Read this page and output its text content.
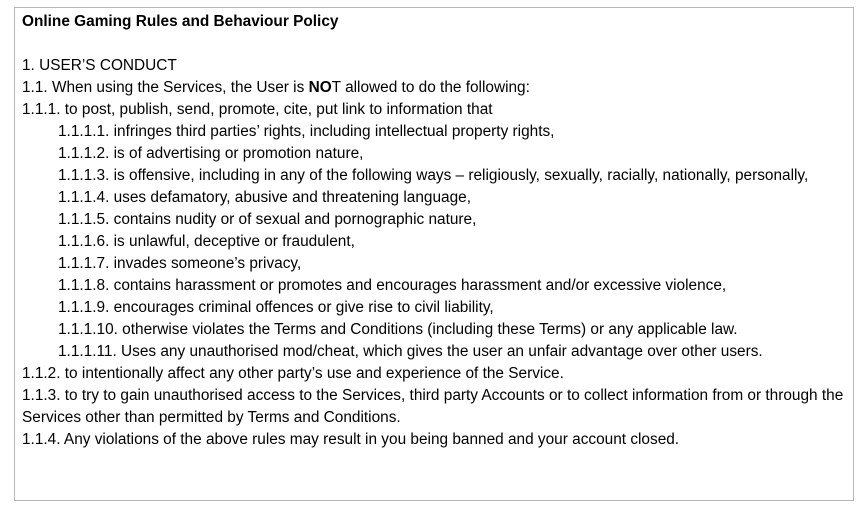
Online Gaming Rules and Behaviour Policy

1. USER’S CONDUCT

1.1. When using the Services, the User is NOT allowed to do the following:

1.1.1. to post, publish, send, promote, cite, put link to information that

1.1.1.1. infringes third parties’ rights, including intellectual property rights,

1.1.1.2. is of advertising or promotion nature,

1.1.1.3. is offensive, including in any of the following ways – religiously, sexually, racially, nationally, personally,

1.1.1.4. uses defamatory, abusive and threatening language,

1.1.1.5. contains nudity or of sexual and pornographic nature,

1.1.1.6. is unlawful, deceptive or fraudulent,

1.1.1.7. invades someone’s privacy,

1.1.1.8. contains harassment or promotes and encourages harassment and/or excessive violence,

1.1.1.9. encourages criminal offences or give rise to civil liability,

1.1.1.10. otherwise violates the Terms and Conditions (including these Terms) or any applicable law.

1.1.1.11. Uses any unauthorised mod/cheat, which gives the user an unfair advantage over other users.

1.1.2. to intentionally affect any other party’s use and experience of the Service.

1.1.3. to try to gain unauthorised access to the Services, third party Accounts or to collect information from or through the Services other than permitted by Terms and Conditions.

1.1.4. Any violations of the above rules may result in you being banned and your account closed.
